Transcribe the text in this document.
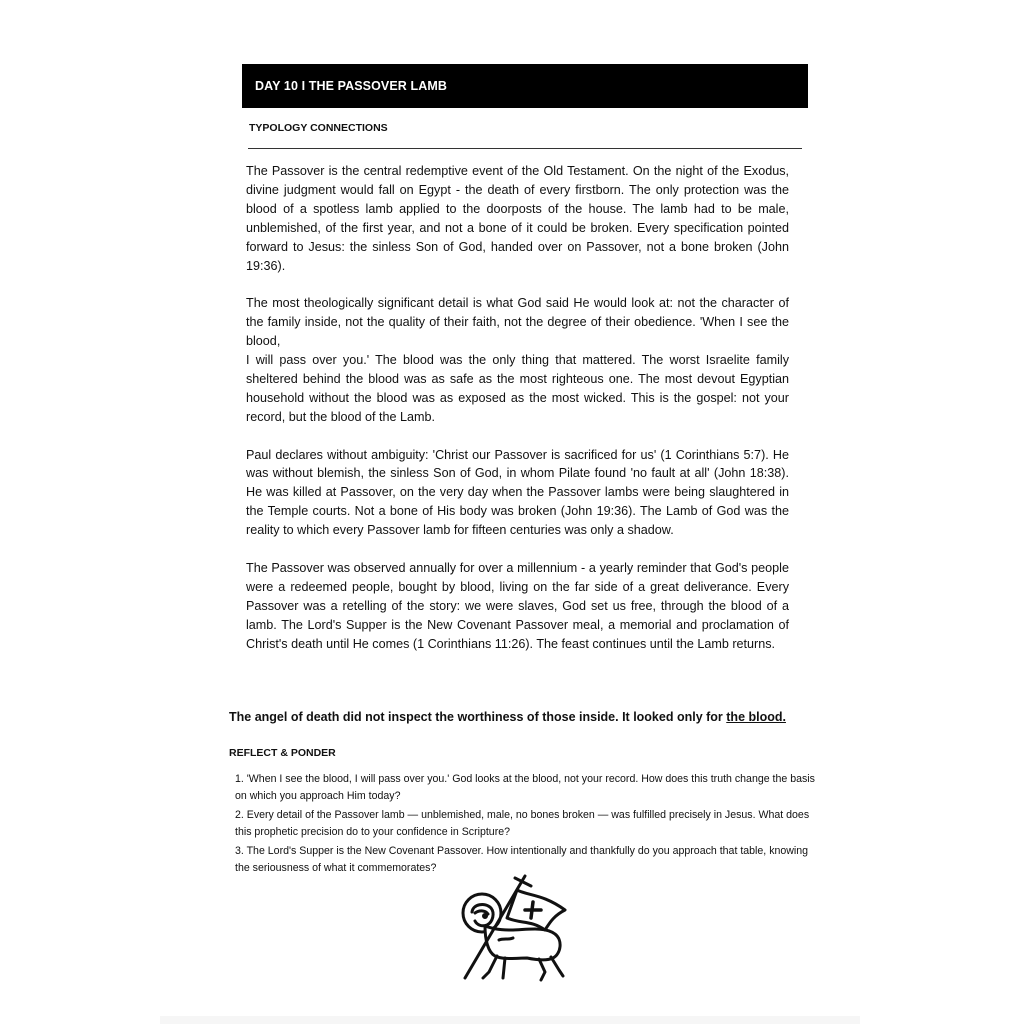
DAY 10 I THE PASSOVER LAMB
TYPOLOGY CONNECTIONS

The Passover is the central redemptive event of the Old Testament. On the night of the Exodus, divine judgment would fall on Egypt - the death of every firstborn. The only protection was the blood of a spotless lamb applied to the doorposts of the house. The lamb had to be male, unblemished, of the first year, and not a bone of it could be broken. Every specification pointed forward to Jesus: the sinless Son of God, handed over on Passover, not a bone broken (John 19:36).

The most theologically significant detail is what God said He would look at: not the character of the family inside, not the quality of their faith, not the degree of their obedience. 'When I see the blood,

I will pass over you.' The blood was the only thing that mattered. The worst Israelite family sheltered behind the blood was as safe as the most righteous one. The most devout Egyptian household without the blood was as exposed as the most wicked. This is the gospel: not your record, but the blood of the Lamb.

Paul declares without ambiguity: 'Christ our Passover is sacrificed for us' (1 Corinthians 5:7). He was without blemish, the sinless Son of God, in whom Pilate found 'no fault at all' (John 18:38). He was killed at Passover, on the very day when the Passover lambs were being slaughtered in the Temple courts. Not a bone of His body was broken (John 19:36). The Lamb of God was the reality to which every Passover lamb for fifteen centuries was only a shadow.

The Passover was observed annually for over a millennium - a yearly reminder that God's people were a redeemed people, bought by blood, living on the far side of a great deliverance. Every Passover was a retelling of the story: we were slaves, God set us free, through the blood of a lamb. The Lord's Supper is the New Covenant Passover meal, a memorial and proclamation of Christ's death until He comes (1 Corinthians 11:26). The feast continues until the Lamb returns.

The angel of death did not inspect the worthiness of those inside. It looked only for the blood.
REFLECT & PONDER
1. 'When I see the blood, I will pass over you.' God looks at the blood, not your record. How does this truth change the basis on which you approach Him today?
2. Every detail of the Passover lamb — unblemished, male, no bones broken — was fulfilled precisely in Jesus. What does this prophetic precision do to your confidence in Scripture?
3. The Lord's Supper is the New Covenant Passover. How intentionally and thankfully do you approach that table, knowing the seriousness of what it commemorates?
